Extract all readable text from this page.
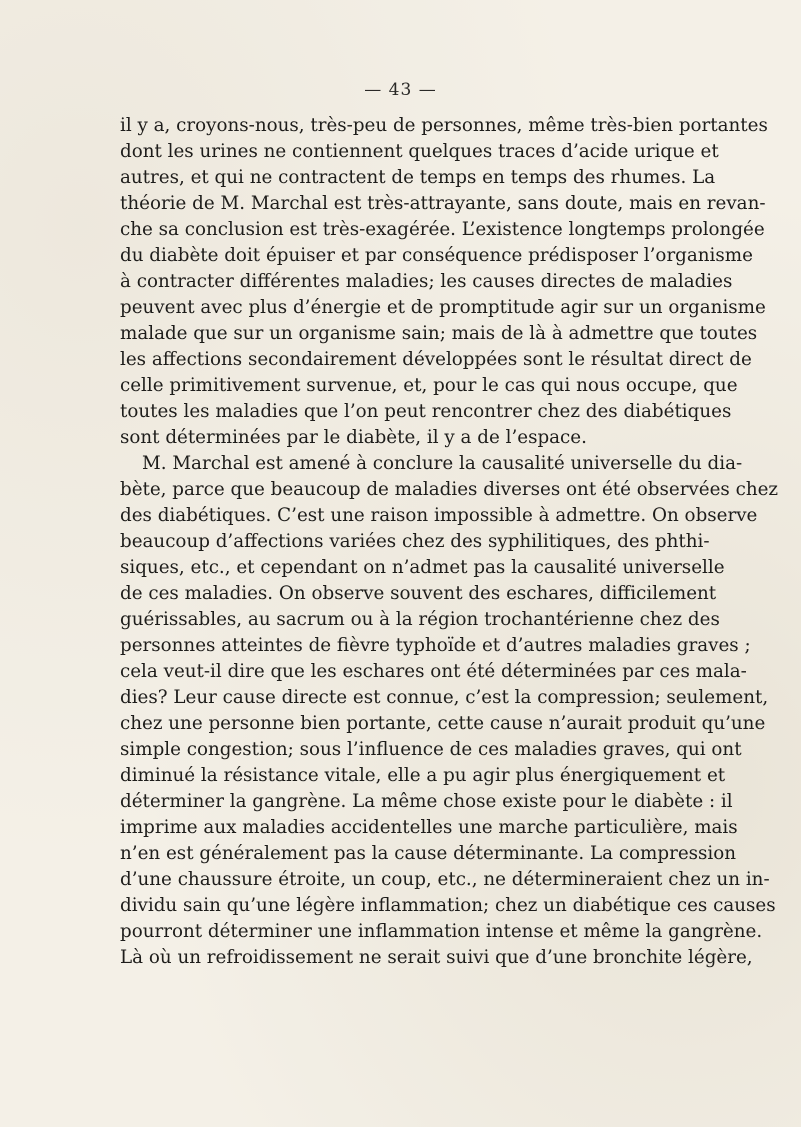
— 43 —
il y a, croyons-nous, très-peu de personnes, même très-bien portantes
dont les urines ne contiennent quelques traces d’acide urique et
autres, et qui ne contractent de temps en temps des rhumes. La
théorie de M. Marchal est très-attrayante, sans doute, mais en revan-
che sa conclusion est très-exagérée. L’existence longtemps prolongée
du diabète doit épuiser et par conséquence prédisposer l’organisme
à contracter différentes maladies; les causes directes de maladies
peuvent avec plus d’énergie et de promptitude agir sur un organisme
malade que sur un organisme sain; mais de là à admettre que toutes
les affections secondairement développées sont le résultat direct de
celle primitivement survenue, et, pour le cas qui nous occupe, que
toutes les maladies que l’on peut rencontrer chez des diabétiques
sont déterminées par le diabète, il y a de l’espace.
M. Marchal est amené à conclure la causalité universelle du dia-
bète, parce que beaucoup de maladies diverses ont été observées chez
des diabétiques. C’est une raison impossible à admettre. On observe
beaucoup d’affections variées chez des syphilitiques, des phthi-
siques, etc., et cependant on n’admet pas la causalité universelle
de ces maladies. On observe souvent des eschares, difficilement
guérissables, au sacrum ou à la région trochantérienne chez des
personnes atteintes de fièvre typhoïde et d’autres maladies graves ;
cela veut-il dire que les eschares ont été déterminées par ces mala-
dies? Leur cause directe est connue, c’est la compression; seulement,
chez une personne bien portante, cette cause n’aurait produit qu’une
simple congestion; sous l’influence de ces maladies graves, qui ont
diminué la résistance vitale, elle a pu agir plus énergiquement et
déterminer la gangrène. La même chose existe pour le diabète : il
imprime aux maladies accidentelles une marche particulière, mais
n’en est généralement pas la cause déterminante. La compression
d’une chaussure étroite, un coup, etc., ne détermineraient chez un in-
dividu sain qu’une légère inflammation; chez un diabétique ces causes
pourront déterminer une inflammation intense et même la gangrène.
Là où un refroidissement ne serait suivi que d’une bronchite légère,
